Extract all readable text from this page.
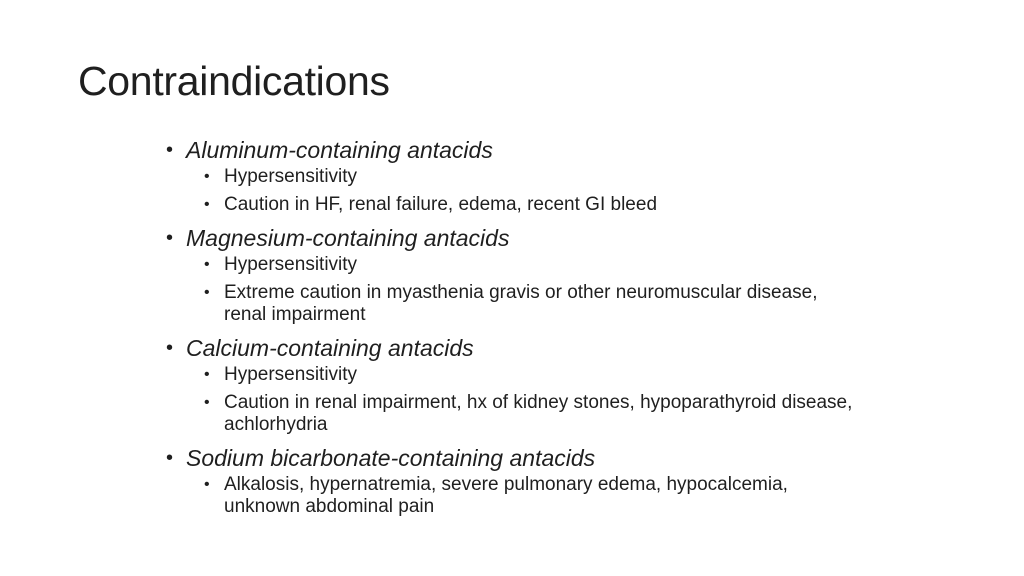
Contraindications
• Aluminum-containing antacids
• Hypersensitivity
• Caution in HF, renal failure, edema, recent GI bleed
• Magnesium-containing antacids
• Hypersensitivity
• Extreme caution in myasthenia gravis or other neuromuscular disease, renal impairment
• Calcium-containing antacids
• Hypersensitivity
• Caution in renal impairment, hx of kidney stones, hypoparathyroid disease, achlorhydria
• Sodium bicarbonate-containing antacids
• Alkalosis, hypernatremia, severe pulmonary edema, hypocalcemia, unknown abdominal pain
